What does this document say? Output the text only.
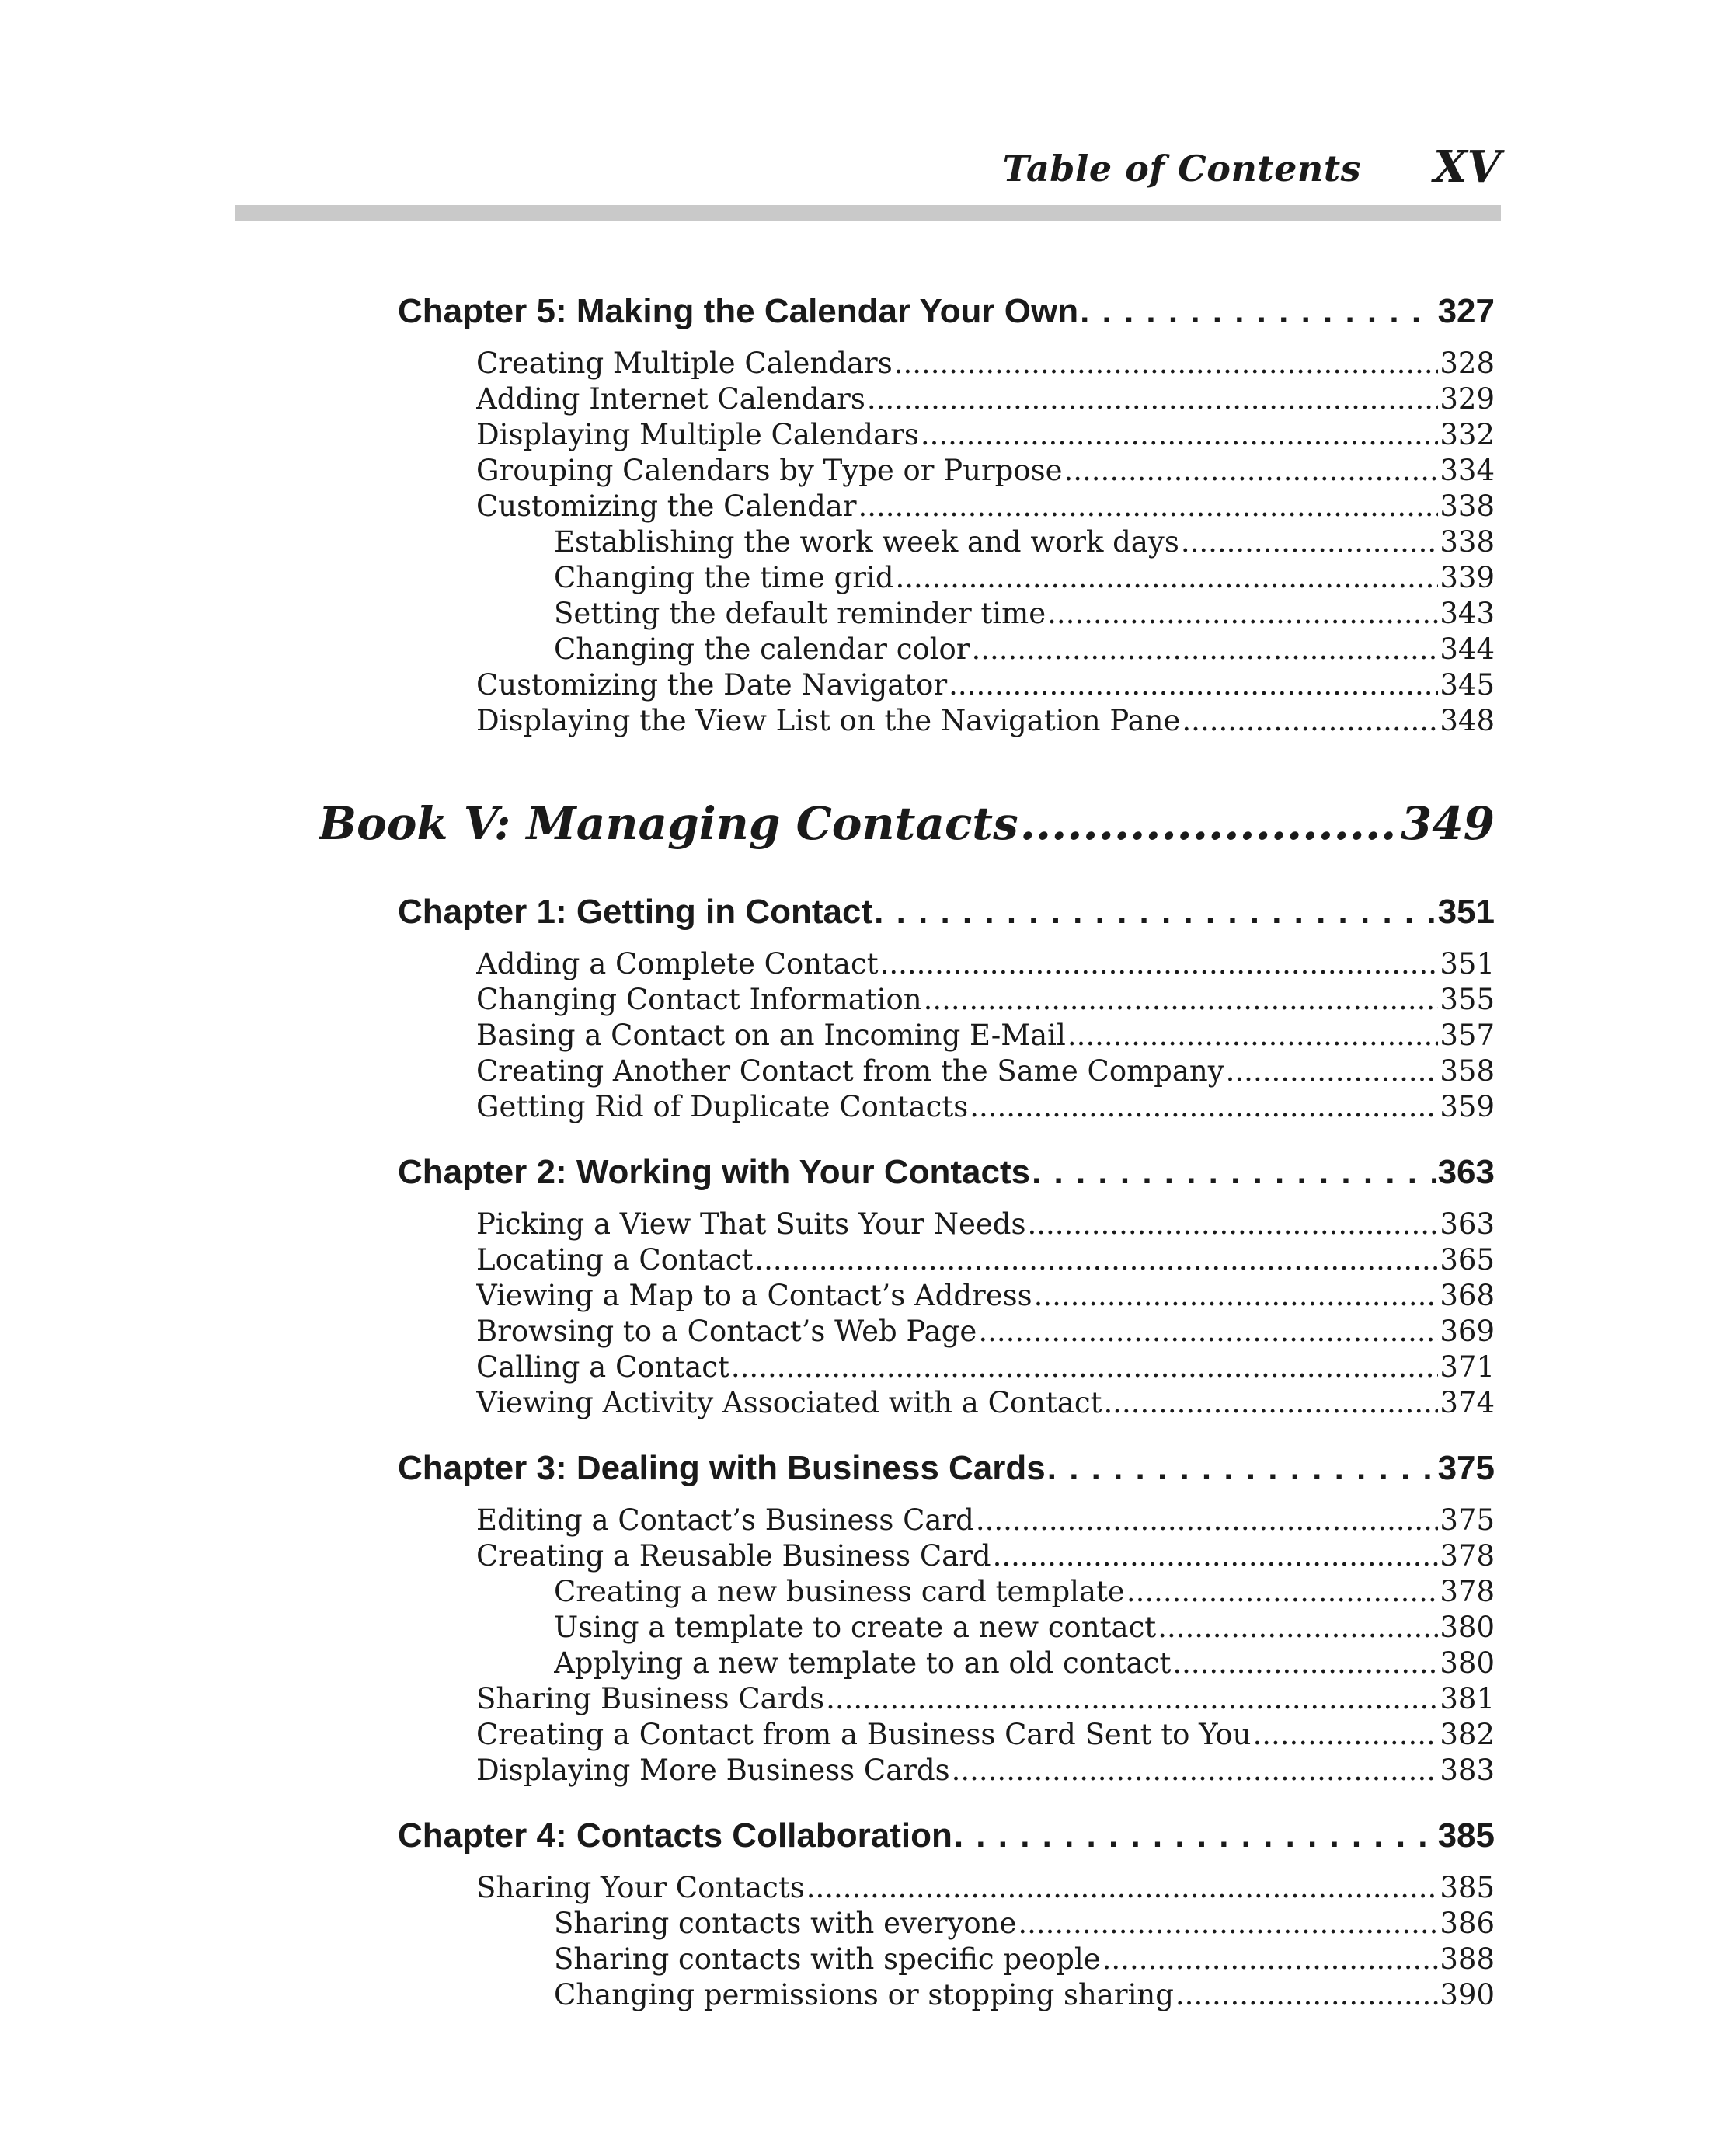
Table of Contents XV
Chapter 5: Making the Calendar Your Own . . .	327
Creating Multiple Calendars .....	328
Adding Internet Calendars .....	329
Displaying Multiple Calendars .....	332
Grouping Calendars by Type or Purpose .....	334
Customizing the Calendar .....	338
Establishing the work week and work days .....	338
Changing the time grid .....	339
Setting the default reminder time .....	343
Changing the calendar color .....	344
Customizing the Date Navigator .....	345
Displaying the View List on the Navigation Pane .....	348
Book V: Managing Contacts .....	349
Chapter 1: Getting in Contact . . .	351
Adding a Complete Contact .....	351
Changing Contact Information .....	355
Basing a Contact on an Incoming E-Mail .....	357
Creating Another Contact from the Same Company .....	358
Getting Rid of Duplicate Contacts .....	359
Chapter 2: Working with Your Contacts . . .	363
Picking a View That Suits Your Needs .....	363
Locating a Contact .....	365
Viewing a Map to a Contact’s Address .....	368
Browsing to a Contact’s Web Page .....	369
Calling a Contact .....	371
Viewing Activity Associated with a Contact .....	374
Chapter 3: Dealing with Business Cards . . .	375
Editing a Contact’s Business Card .....	375
Creating a Reusable Business Card .....	378
Creating a new business card template .....	378
Using a template to create a new contact .....	380
Applying a new template to an old contact .....	380
Sharing Business Cards .....	381
Creating a Contact from a Business Card Sent to You .....	382
Displaying More Business Cards .....	383
Chapter 4: Contacts Collaboration . . .	385
Sharing Your Contacts .....	385
Sharing contacts with everyone .....	386
Sharing contacts with specific people .....	388
Changing permissions or stopping sharing .....	390
